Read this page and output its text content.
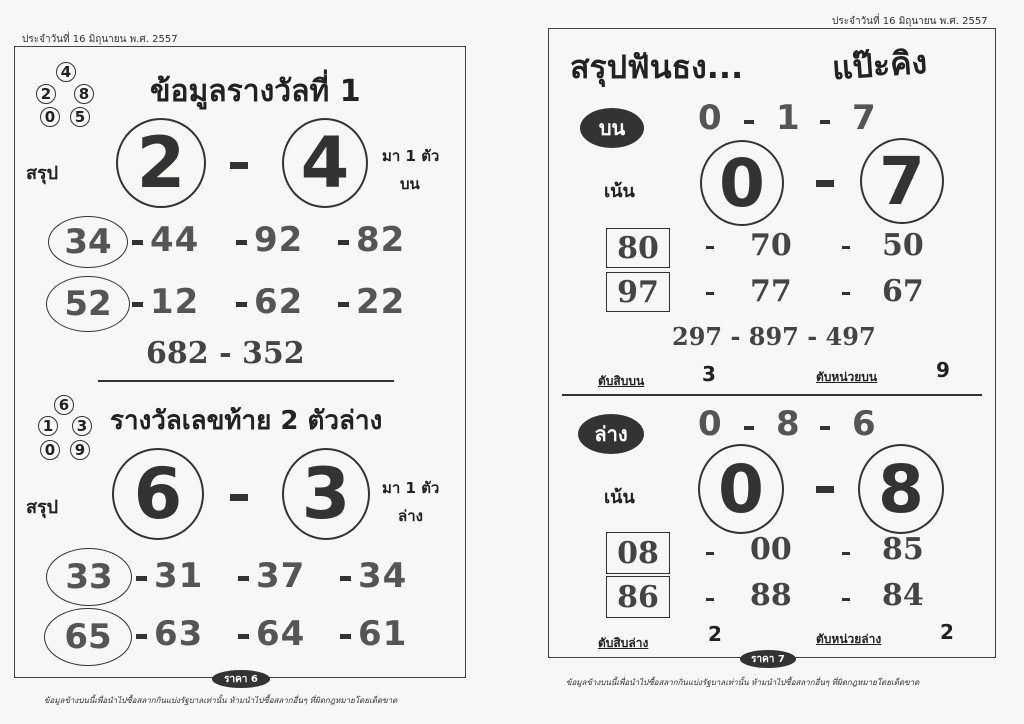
ประจำวันที่ 16 มิถุนายน พ.ศ. 2557
4
2	8
0	5
ข้อมูลรางวัลที่ 1
สรุป 2 4 มา 1 ตัว
บน
34 44 92 82
52 12 62 22
682 - 352
6
1	3
0	9
รางวัลเลขท้าย 2 ตัวล่าง
สรุป 6 3 มา 1 ตัว
ล่าง
33 31 37 34
65 63 64 61
ราคา 6
ข้อมูลข้างบนนี้เพื่อนำไปซื้อสลากกินแบ่งรัฐบาลเท่านั้น ห้ามนำไปซื้อสลากอื่นๆ ที่ผิดกฎหมายโดยเด็ดขาด
ประจำวันที่ 16 มิถุนายน พ.ศ. 2557
สรุปฟันธง...	แป๊ะคิง
บน	0 1 7
เน้น 0 7
80	70	50
97	77	67
297 - 897 - 497
ตับสิบบน	3	ตับหน่วยบน	9
ล่าง	0 8 6
เน้น 0 8
08	00	85
86	88	84
ตับสิบล่าง	2	ตับหน่วยล่าง	2
ราคา 7
ข้อมูลข้างบนนี้เพื่อนำไปซื้อสลากกินแบ่งรัฐบาลเท่านั้น ห้ามนำไปซื้อสลากอื่นๆ ที่ผิดกฎหมายโดยเด็ดขาด
